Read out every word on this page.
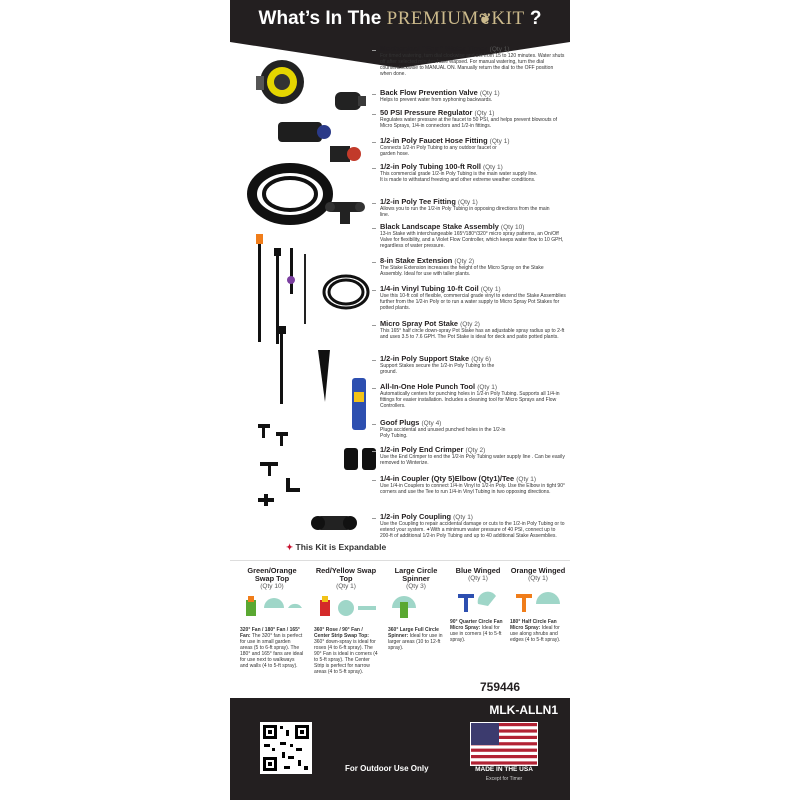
What’s In The PREMIUM❦KIT ?
Mechanical “Egg” Water Timer (Qty 1)
For timed watering, turn dial clockwise and set from 15 to 120 minutes. Water shuts off after selected minutes have elapsed. For manual watering, turn the dial counterclockwise to MANUAL ON. Manually return the dial to the OFF position when done.
Back Flow Prevention Valve (Qty 1)
Helps to prevent water from syphoning backwards.
50 PSI Pressure Regulator (Qty 1)
Regulates water pressure at the faucet to 50 PSI, and helps prevent blowouts of Micro Sprays, 1/4-in connectors and 1/2-in fittings.
1/2-in Poly Faucet Hose Fitting (Qty 1)
Connects 1/2-in Poly Tubing to any outdoor faucet or garden hose.
1/2-in Poly Tubing 100-ft Roll (Qty 1)
This commercial grade 1/2-in Poly Tubing is the main water supply line. It is made to withstand freezing and other extreme weather conditions.
1/2-in Poly Tee Fitting (Qty 1)
Allows you to run the 1/2-in Poly Tubing in opposing directions from the main line.
Black Landscape Stake Assembly (Qty 10)
13-in Stake with interchangeable 165°/180°/320° micro spray patterns, an On/Off Valve for flexibility, and a Violet Flow Controller, which keeps water flow to 10 GPH, regardless of water pressure.
8-in Stake Extension (Qty 2)
The Stake Extension increases the height of the Micro Spray on the Stake Assembly. Ideal for use with taller plants.
1/4-in Vinyl Tubing 10-ft Coil (Qty 1)
Use this 10-ft coil of flexible, commercial grade vinyl to extend the Stake Assemblies further from the 1/2-in Poly or to run a water supply to Micro Spray Pot Stakes for potted plants.
Micro Spray Pot Stake (Qty 2)
This 165° half circle down-spray Pot Stake has an adjustable spray radius up to 2-ft and uses 3.5 to 7.6 GPH. The Pot Stake is ideal for deck and patio potted plants.
1/2-in Poly Support Stake (Qty 6)
Support Stakes secure the 1/2-in Poly Tubing to the ground.
All-In-One Hole Punch Tool (Qty 1)
Automatically centers for punching holes in 1/2-in Poly Tubing. Supports all 1/4-in fittings for easier installation. Includes a cleaning tool for Micro Sprays and Flow Controllers.
Goof Plugs (Qty 4)
Plugs accidental and unused punched holes in the 1/2-in Poly Tubing.
1/2-in Poly End Crimper (Qty 2)
Use the End Crimper to end the 1/2-in Poly Tubing water supply line . Can be easily removed to Winterize.
1/4-in Coupler (Qty 5)Elbow (Qty1)/Tee (Qty 1)
Use 1/4-in Couplers to connect 1/4-in Vinyl to 1/2-in Poly. Use the Elbow in tight 90° corners and use the Tee to run 1/4-in Vinyl Tubing in two opposing directions.
1/2-in Poly Coupling (Qty 1)
Use the Coupling to repair accidental damage or cuts to the 1/2-in Poly Tubing or to extend your system. ✦With a minimum water pressure of 40 PSI, connect up to 200-ft of additional 1/2-in Poly Tubing and up to 40 additional Stake Assemblies.
✦ This Kit is Expandable
Green/Orange Swap Top
(Qty 10)
320° Fan / 180° Fan / 165° Fan: The 320° fan is perfect for use in small garden areas (5 to 6-ft spray). The 180° and 165° fans are ideal for use next to walkways and walls (4 to 5-ft spray).
Red/Yellow Swap Top
(Qty 1)
360° Rose / 90° Fan / Center Strip Swap Top: 360° down-spray is ideal for roses (4 to 6-ft spray). The 90° Fan is ideal in corners (4 to 5-ft spray). The Center Strip is perfect for narrow areas (4 to 5-ft spray).
Large Circle Spinner
(Qty 3)
360° Large Full Circle Spinner: Ideal for use in larger areas (10 to 12-ft spray).
Blue Winged
(Qty 1)
90° Quarter Circle Fan Micro Spray: Ideal for use in corners (4 to 5-ft spray).
Orange Winged
(Qty 1)
180° Half Circle Fan Micro Spray: Ideal for use along shrubs and edges (4 to 5-ft spray).
759446
MLK-ALLN1
For Outdoor Use Only	MADE IN THE USA
Except for Timer
